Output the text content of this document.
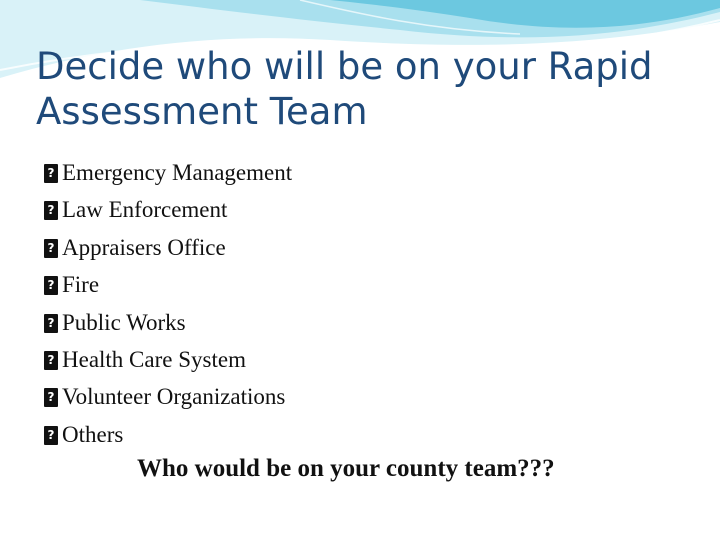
Decide who will be on your Rapid
Assessment Team
?Emergency Management
?Law Enforcement
?Appraisers Office
?Fire
?Public Works
?Health Care System
?Volunteer Organizations
?Others
Who would be on your county team???
